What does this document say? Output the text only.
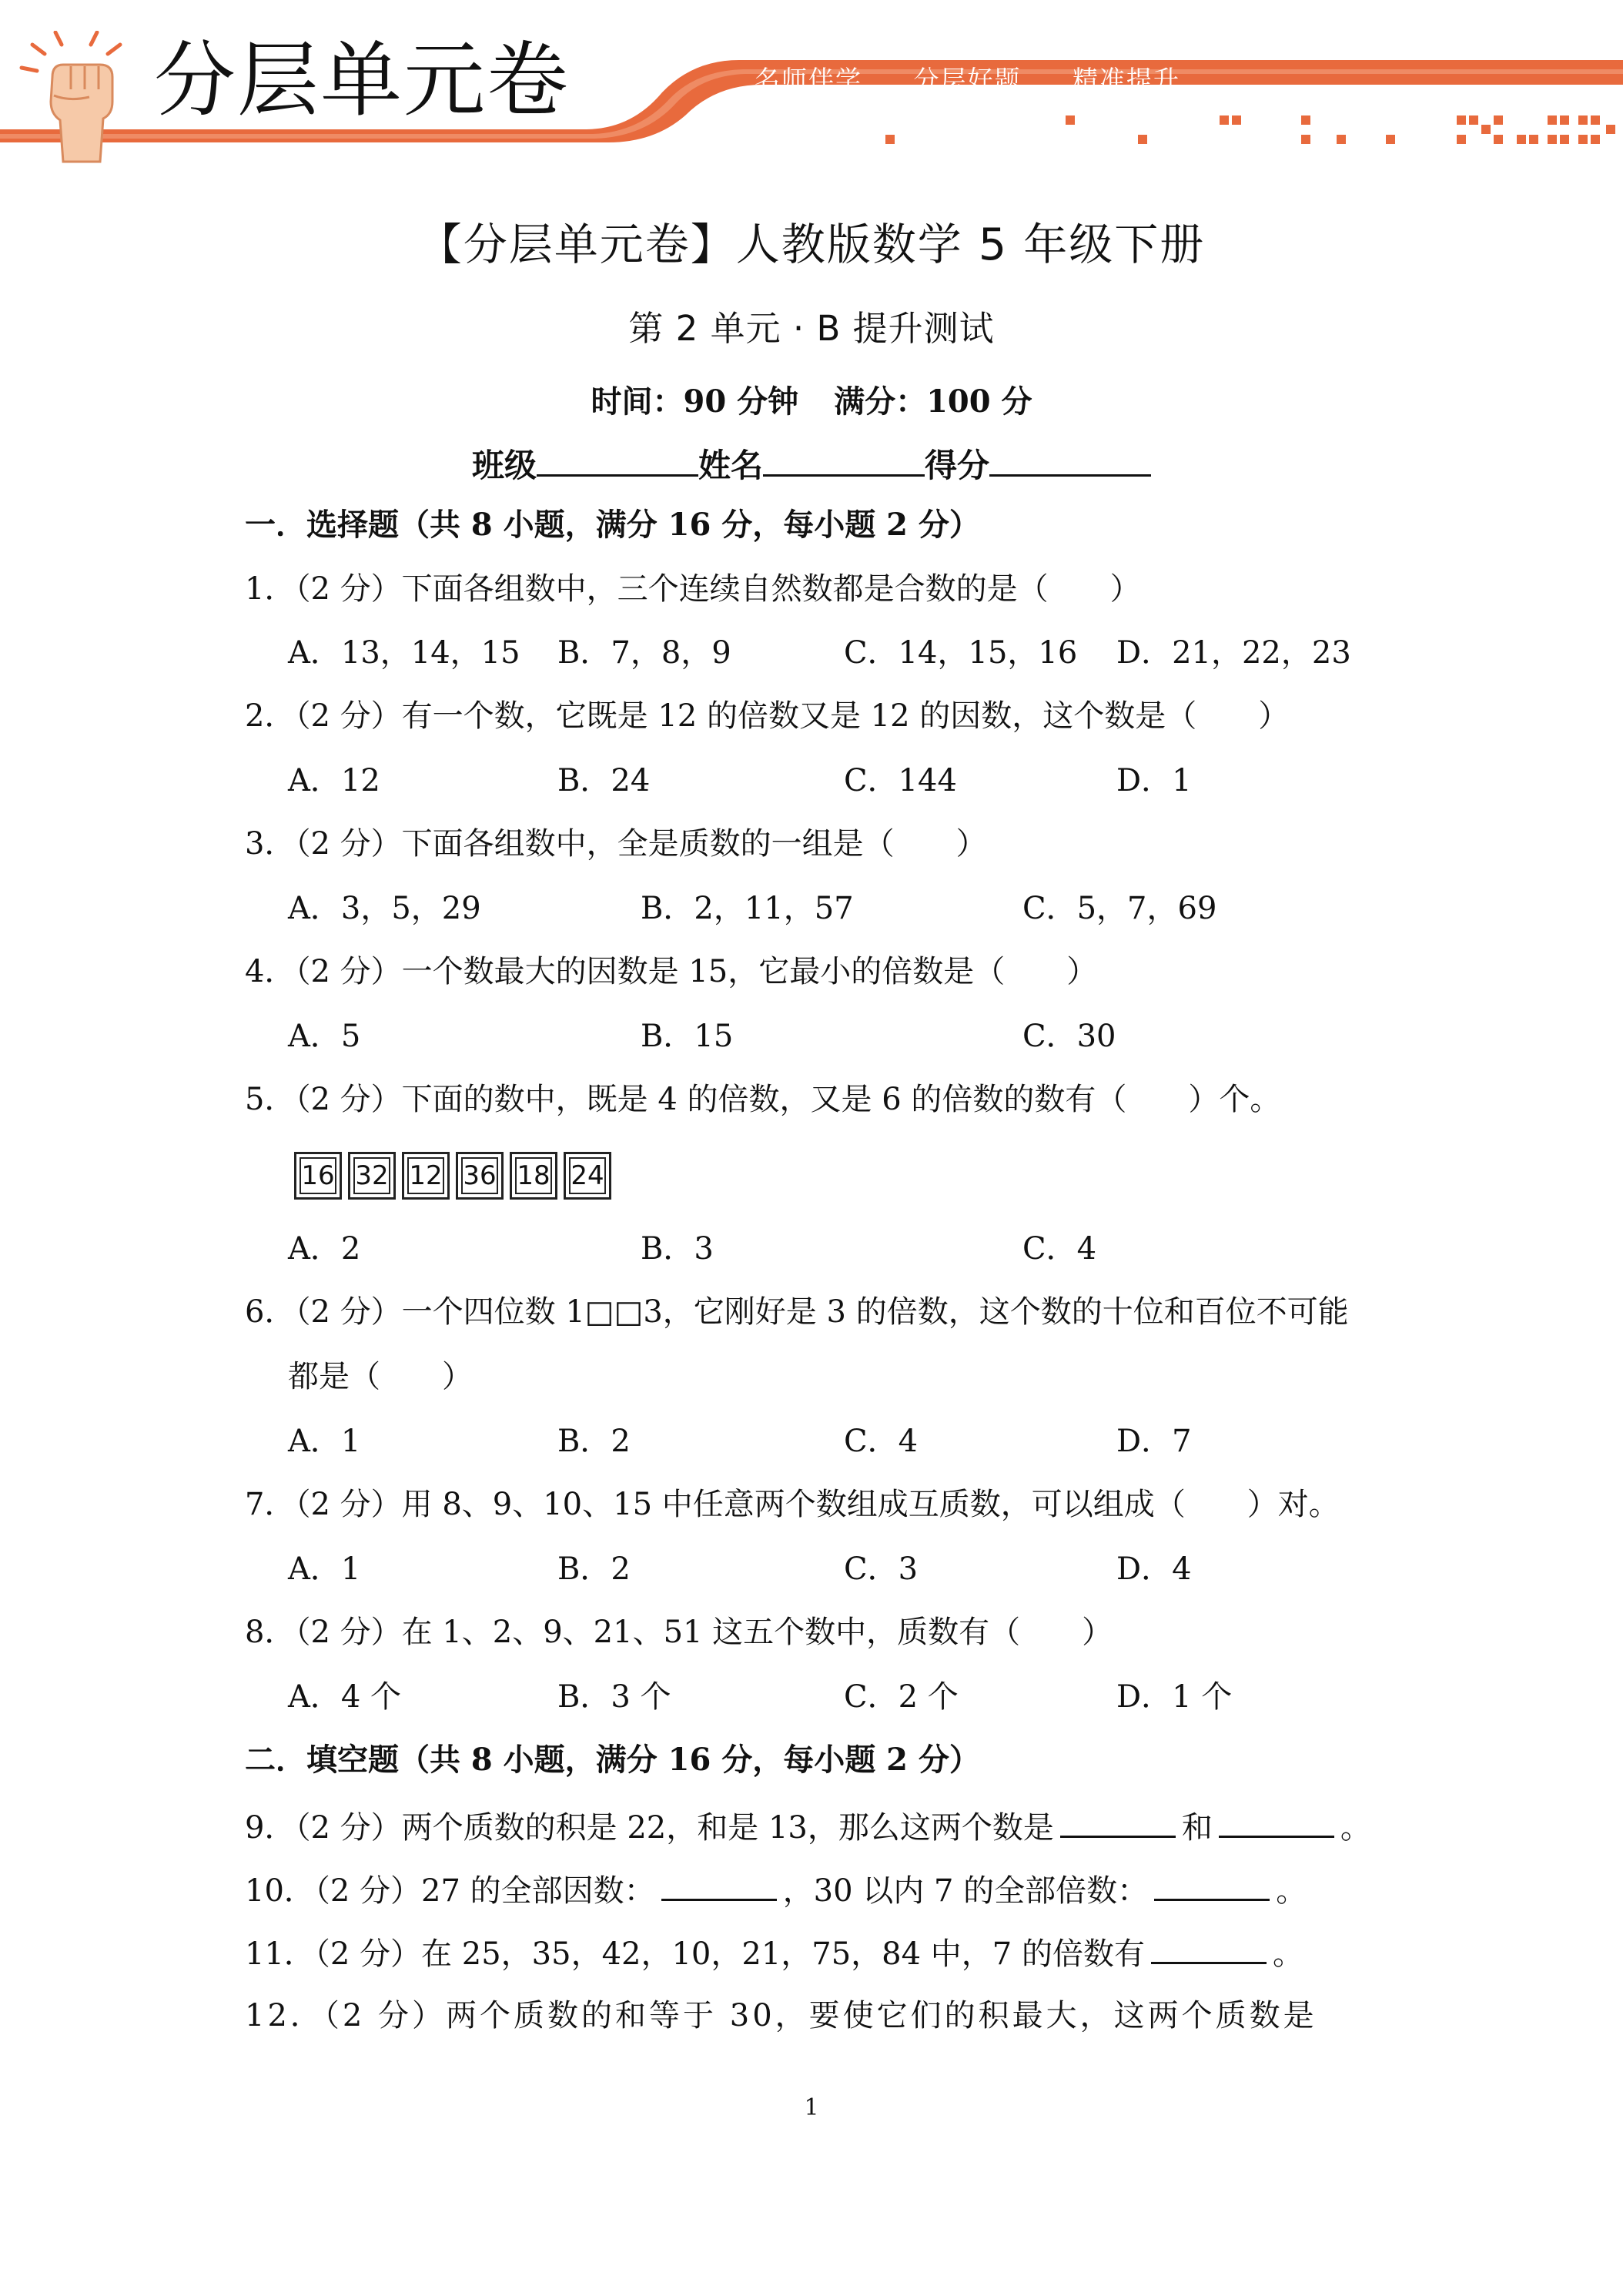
分层单元卷	名师伴学 分层好题 精准提升
【分层单元卷】人教版数学 5 年级下册
第 2 单元 · B 提升测试
时间：90 分钟 满分：100 分
班级	姓名	得分
一．选择题（共 8 小题，满分 16 分，每小题 2 分）
1．（2 分）下面各组数中，三个连续自然数都是合数的是（　　）
A．13，14，15 B．7，8，9	C．14，15，16 D．21，22，23
2．（2 分）有一个数，它既是 12 的倍数又是 12 的因数，这个数是（　　）
A．12	B．24	C．144	D．1
3．（2 分）下面各组数中，全是质数的一组是（　　）
A．3，5，29	B．2，11，57	C．5，7，69
4．（2 分）一个数最大的因数是 15，它最小的倍数是（　　）
A．5	B．15	C．30
5．（2 分）下面的数中，既是 4 的倍数，又是 6 的倍数的数有（　　）个。
16 32 12 36 18 24
A．2	B．3	C．4
6．（2 分）一个四位数 1□□3，它刚好是 3 的倍数，这个数的十位和百位不可能
都是（　　）
A．1	B．2	C．4	D．7
7．（2 分）用 8、9、10、15 中任意两个数组成互质数，可以组成（　　）对。
A．1	B．2	C．3	D．4
8．（2 分）在 1、2、9、21、51 这五个数中，质数有（　　）
A．4 个	B．3 个	C．2 个	D．1 个
二．填空题（共 8 小题，满分 16 分，每小题 2 分）
9．（2 分）两个质数的积是 22，和是 13，那么这两个数是	和	。
10．（2 分）27 的全部因数：	，30 以内 7 的全部倍数：	。
11．（2 分）在 25，35，42，10，21，75，84 中，7 的倍数有	。
12．（2 分）两个质数的和等于 30，要使它们的积最大，这两个质数是
1
